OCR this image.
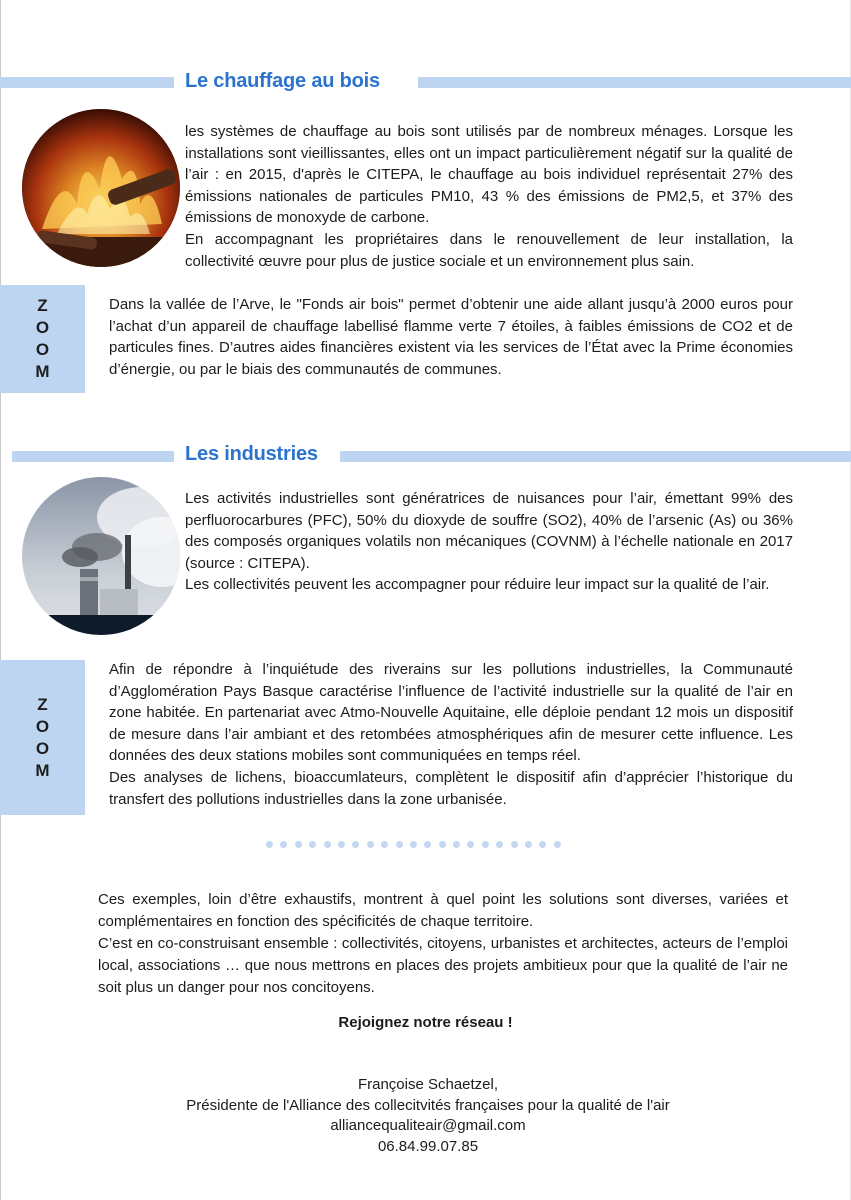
Le chauffage au bois

les systèmes de chauffage au bois sont utilisés par de nombreux ménages. Lorsque les installations sont vieillissantes, elles ont un impact particulièrement négatif sur la qualité de l’air : en 2015, d'après le CITEPA, le chauffage au bois individuel représentait 27% des émissions nationales de particules PM10, 43 % des émissions de PM2,5, et 37% des émissions de monoxyde de carbone.

En accompagnant les propriétaires dans le renouvellement de leur installation, la collectivité œuvre pour plus de justice sociale et un environnement plus sain.

Z
O
O
M

Dans la vallée de l’Arve, le "Fonds air bois" permet d’obtenir une aide allant jusqu’à 2000 euros pour l’achat d’un appareil de chauffage labellisé flamme verte 7 étoiles, à faibles émissions de CO2 et de particules fines. D’autres aides financières existent via les services de l’État avec la Prime économies d’énergie, ou par le biais des communautés de communes.

Les industries

Les activités industrielles sont génératrices de nuisances pour l’air, émettant 99% des perfluorocarbures (PFC), 50% du dioxyde de souffre (SO2), 40% de l’arsenic (As) ou 36% des composés organiques volatils non mécaniques (COVNM) à l’échelle nationale en 2017 (source : CITEPA).

Les collectivités peuvent les accompagner pour réduire leur impact sur la qualité de l’air.

Z
O
O
M

Afin de répondre à l’inquiétude des riverains sur les pollutions industrielles, la Communauté d’Agglomération Pays Basque caractérise l’influence de l’activité industrielle sur la qualité de l’air en zone habitée. En partenariat avec Atmo-Nouvelle Aquitaine, elle déploie pendant 12 mois un dispositif de mesure dans l’air ambiant et des retombées atmosphériques afin de mesurer cette influence. Les données des deux stations mobiles sont communiquées en temps réel.

Des analyses de lichens, bioaccumlateurs, complètent le dispositif afin d’apprécier l’historique du transfert des pollutions industrielles dans la zone urbanisée.

Ces exemples, loin d’être exhaustifs, montrent à quel point les solutions sont diverses, variées et complémentaires en fonction des spécificités de chaque territoire.

C’est en co-construisant ensemble : collectivités, citoyens, urbanistes et architectes, acteurs de l’emploi local, associations … que nous mettrons en places des projets ambitieux pour que la qualité de l’air ne soit plus un danger pour nos concitoyens.

Rejoignez notre réseau !

Françoise Schaetzel,
Présidente de l'Alliance des collecitvités françaises pour la qualité de l'air
alliancequaliteair@gmail.com
06.84.99.07.85
